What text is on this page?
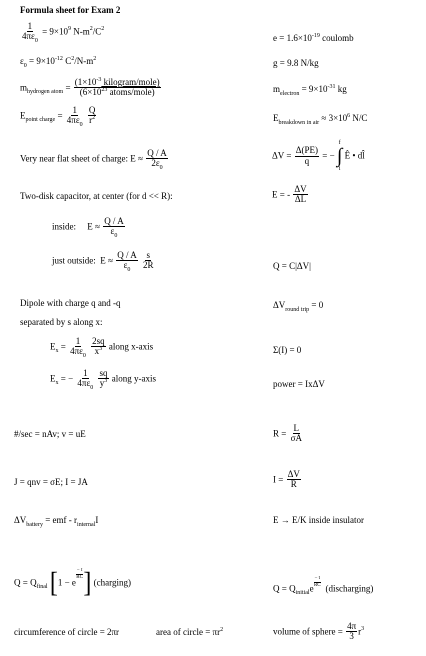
Formula sheet for Exam 2
$\frac{1}{4\pi\varepsilon_0} = 9\times 10^9$ $N-m^2/C^2$
$e = 1.6\times 10^{-19}$ coulomb
$\varepsilon_0 = 9\times 10^{-12}$ $C^2/N-m^2$	g = 9.8 N/kg
$m_{hydrogen atom} = \frac{(1\times 10^{-3} kilogram/mole)}{(6\times 10^{23} atoms/mole)}$	$m_{electron} = 9\times 10^{-31}$ kg
$E_{point charge} = \frac{1}{4\pi\varepsilon_0}$
$\frac{Q}{r^2}$	$E_{breakdown in air} \approx 3\times 10^6$ N/C
Very near flat sheet of charge: $E \approx \frac{Q / A}{2\varepsilon_0}$	$\Delta V = \frac{\Delta(PE)}{q}$ = −
f
∫
i
Ê • dl̂
Two-disk capacitor, at center (for d << R):	E = - $\frac{\Delta V}{\Delta L}$
inside: $E \approx \frac{Q / A}{\varepsilon_0}$
just outside: $E \approx \frac{Q / A}{\varepsilon_0}$
$\frac{s}{2R}$	Q = C|ΔV|
Dipole with charge q and -q
separated by s along x:
$\Delta V_{round trip} = 0$
$E_x = \frac{1}{4\pi\varepsilon_0}$
$\frac{2sq}{x^3}$ along x-axis	Σ(I) = 0
$E_x$ = − $\frac{1}{4\pi\varepsilon_0}$
$\frac{sq}{y^3}$ along y-axis
power = IxΔV
#/sec = nAv; v = uE	$R = \frac{L}{\sigma A}$
J = qnv = σE; I = JA	$I = \frac{\Delta V}{R}$
$\Delta V_{battery}$ = emf - $r_{internal}I$	E → E/K inside insulator
$Q = Q_{final}$ [1 − e
$^{\frac{- t}{RC}}$ ] (charging)
$Q = Q_{initial}e$
$^{\frac{- t}{RC}}$
(discharging)
circumference of circle = 2πr	area of circle = $\pi r^2$	volume of sphere = $\frac{4\pi}{3} r^3$
